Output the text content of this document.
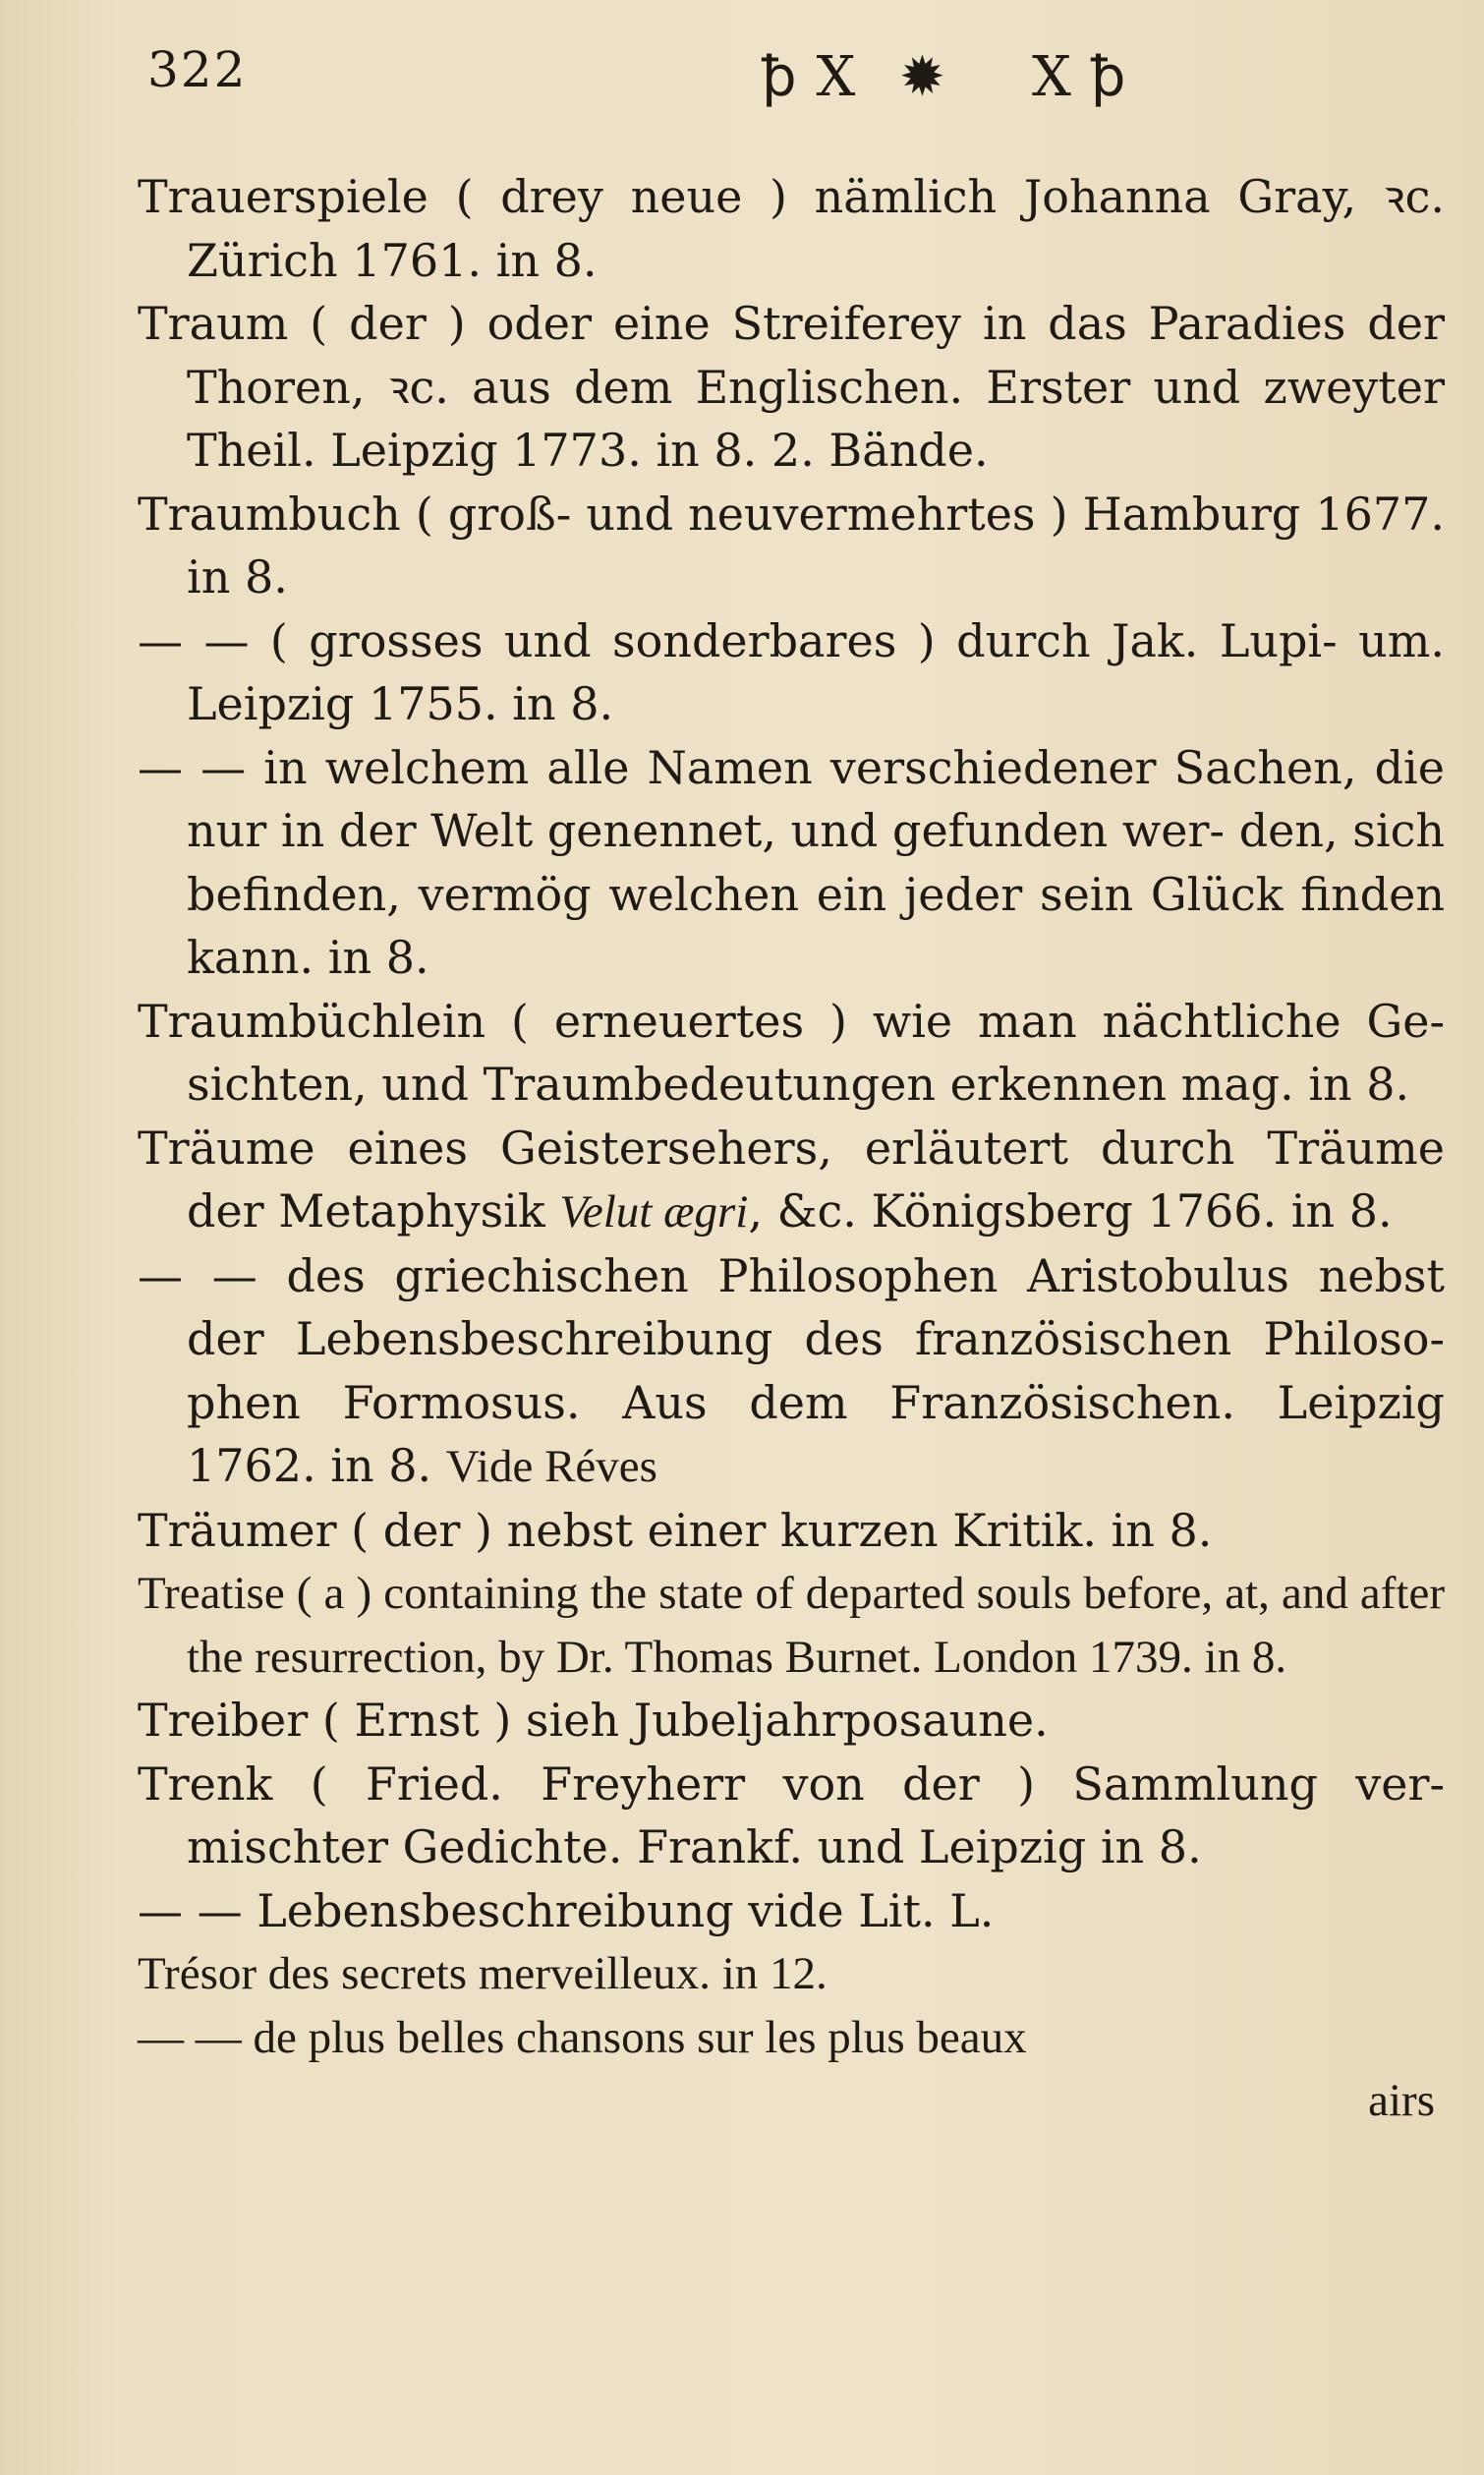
322	ꝥX ✹ Xꝥ

Trauerspiele ( drey neue ) nämlich Johanna Gray, ꝛc. Zürich 1761. in 8.

Traum ( der ) oder eine Streiferey in das Paradies der Thoren, ꝛc. aus dem Englischen. Erster und zweyter Theil. Leipzig 1773. in 8. 2. Bände.

Traumbuch ( groß- und neuvermehrtes ) Hamburg 1677. in 8.

— — ( grosses und sonderbares ) durch Jak. Lupi- um. Leipzig 1755. in 8.

— — in welchem alle Namen verschiedener Sachen, die nur in der Welt genennet, und gefunden wer- den, sich befinden, vermög welchen ein jeder sein Glück finden kann. in 8.

Traumbüchlein ( erneuertes ) wie man nächtliche Ge- sichten, und Traumbedeutungen erkennen mag. in 8.

Träume eines Geistersehers, erläutert durch Träume der Metaphysik Velut ægri, &c. Königsberg 1766. in 8.

— — des griechischen Philosophen Aristobulus nebst der Lebensbeschreibung des französischen Philoso- phen Formosus. Aus dem Französischen. Leipzig 1762. in 8. Vide Réves

Träumer ( der ) nebst einer kurzen Kritik. in 8.

Treatise ( a ) containing the state of departed souls before, at, and after the resurrection, by Dr. Thomas Burnet. London 1739. in 8.

Treiber ( Ernst ) sieh Jubeljahrposaune.

Trenk ( Fried. Freyherr von der ) Sammlung ver- mischter Gedichte. Frankf. und Leipzig in 8.

— — Lebensbeschreibung vide Lit. L.

Trésor des secrets merveilleux. in 12.

— — de plus belles chansons sur les plus beaux
airs
